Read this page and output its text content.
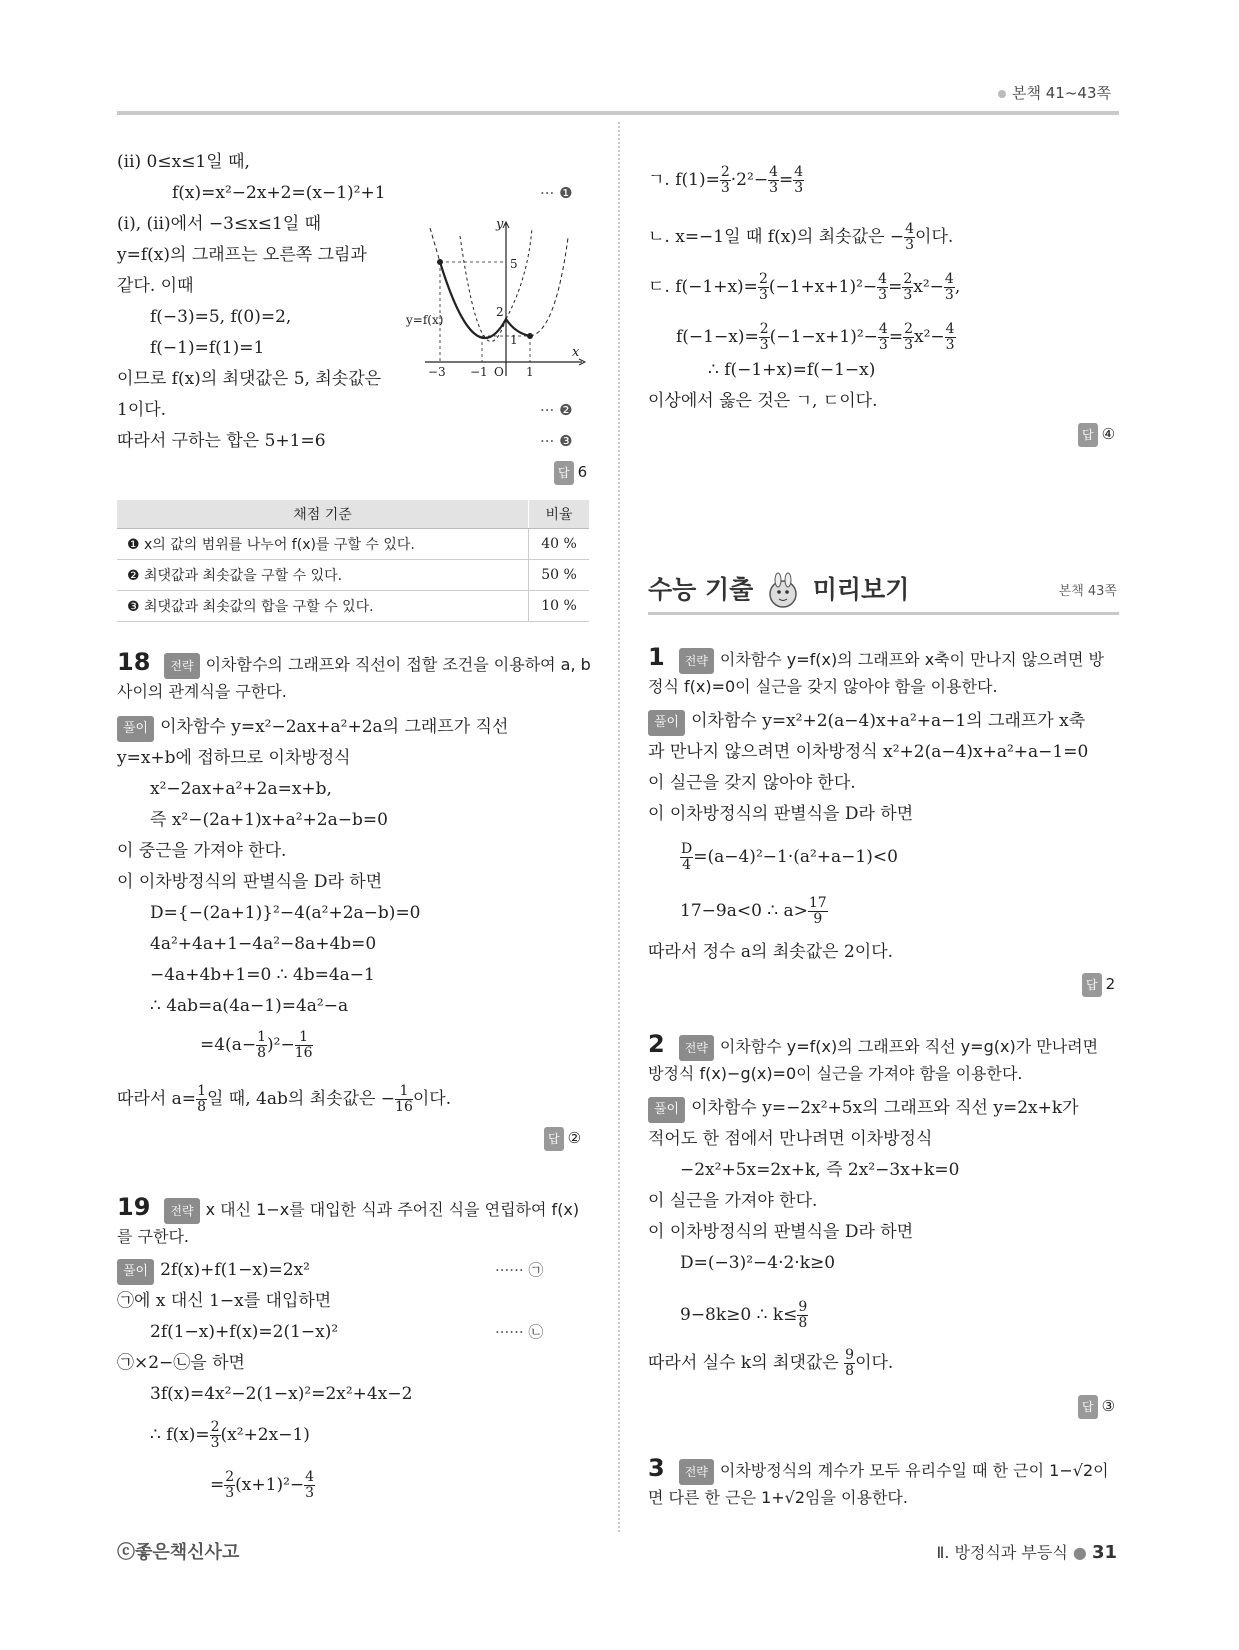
본책 41~43쪽
(ⅱ) 0≤x≤1일 때,
f(x)=x²−2x+2=(x−1)²+1	··· ❶
(ⅰ), (ⅱ)에서 −3≤x≤1일 때
y=f(x)의 그래프는 오른쪽 그림과
같다. 이때
f(−3)=5, f(0)=2,
f(−1)=f(1)=1
이므로 f(x)의 최댓값은 5, 최솟값은
1이다.	··· ❷
따라서 구하는 합은 5+1=6	··· ❸
답 6
y
x
y=f(x)
5
2
1
−3 −1 O 1
채점 기준	비율
❶ x의 값의 범위를 나누어 f(x)를 구할 수 있다.	40 %
❷ 최댓값과 최솟값을 구할 수 있다.	50 %
❸ 최댓값과 최솟값의 합을 구할 수 있다.	10 %
18 전략 이차함수의 그래프와 직선이 접할 조건을 이용하여 a, b
사이의 관계식을 구한다.
풀이 이차함수 y=x²−2ax+a²+2a의 그래프가 직선
y=x+b에 접하므로 이차방정식
x²−2ax+a²+2a=x+b,
즉 x²−(2a+1)x+a²+2a−b=0
이 중근을 가져야 한다.
이 이차방정식의 판별식을 D라 하면
D={−(2a+1)}²−4(a²+2a−b)=0
4a²+4a+1−4a²−8a+4b=0
−4a+4b+1=0 ∴ 4b=4a−1
∴ 4ab=a(4a−1)=4a²−a
$=4(a- \frac{1}{8} )^2- \frac{1}{16}$
따라서 $a= \frac{1}{8}$ 일 때, 4ab의 최솟값은 − $\frac{1}{16}$ 이다.
답 ②
19 전략 x 대신 1−x를 대입한 식과 주어진 식을 연립하여 f(x)
를 구한다.
풀이 2f(x)+f(1−x)=2x²	······ ㉠
㉠에 x 대신 1−x를 대입하면
2f(1−x)+f(x)=2(1−x)²	······ ㉡
㉠×2−㉡을 하면
3f(x)=4x²−2(1−x)²=2x²+4x−2
∴ $f(x)= \frac{2}{3} (x^2+2x-1)$
= $\frac{2}{3} (x+1)^2- \frac{4}{3}$
ㄱ. $f(1)= \frac{2}{3} \cdot 2^2- \frac{4}{3} = \frac{4}{3}$
ㄴ. x=−1일 때 f(x)의 최솟값은 − $\frac{4}{3}$ 이다.
ㄷ. $f(-1+x)= \frac{2}{3} (-1+x+1)^2- \frac{4}{3} = \frac{2}{3} x^2- \frac{4}{3}$ ,
$f(-1-x)= \frac{2}{3} (-1-x+1)^2- \frac{4}{3} = \frac{2}{3} x^2- \frac{4}{3}$
∴ f(−1+x)=f(−1−x)
이상에서 옳은 것은 ㄱ, ㄷ이다.
답 ④
수능 기출 미리보기	본책 43쪽
1 전략 이차함수 y=f(x)의 그래프와 x축이 만나지 않으려면 방
정식 f(x)=0이 실근을 갖지 않아야 함을 이용한다.
풀이 이차함수 y=x²+2(a−4)x+a²+a−1의 그래프가 x축
과 만나지 않으려면 이차방정식 x²+2(a−4)x+a²+a−1=0
이 실근을 갖지 않아야 한다.
이 이차방정식의 판별식을 D라 하면
$\frac{D}{4} =(a-4)^2-1\cdot(a^2+a-1)<0$
17−9a<0 ∴ $a> \frac{17}{9}$
따라서 정수 a의 최솟값은 2이다.
답 2
2 전략 이차함수 y=f(x)의 그래프와 직선 y=g(x)가 만나려면
방정식 f(x)−g(x)=0이 실근을 가져야 함을 이용한다.
풀이 이차함수 y=−2x²+5x의 그래프와 직선 y=2x+k가
적어도 한 점에서 만나려면 이차방정식
−2x²+5x=2x+k, 즉 2x²−3x+k=0
이 실근을 가져야 한다.
이 이차방정식의 판별식을 D라 하면
D=(−3)²−4·2·k≥0
9−8k≥0 ∴ $k\le \frac{9}{8}$
따라서 실수 k의 최댓값은 $\frac{9}{8}$ 이다.
답 ③
3 전략 이차방정식의 계수가 모두 유리수일 때 한 근이 1−√2이
면 다른 한 근은 1+√2임을 이용한다.
ⓒ좋은책신사고	Ⅱ. 방정식과 부등식 ● 31
